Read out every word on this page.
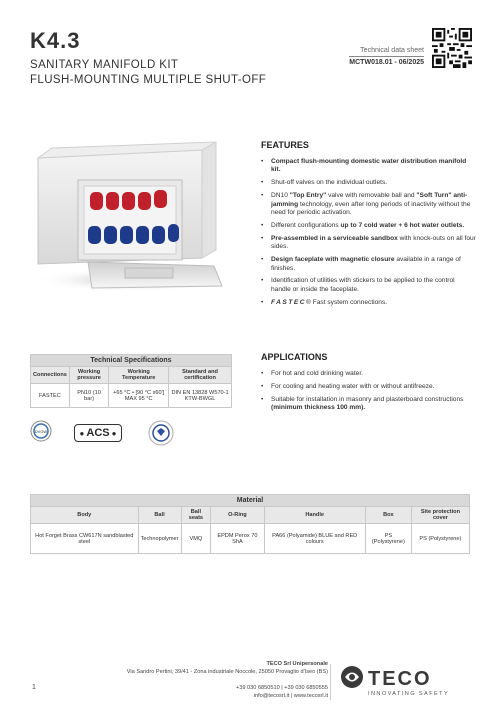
K4.3
SANITARY MANIFOLD KIT
FLUSH-MOUNTING MULTIPLE SHUT-OFF
Technical data sheet
MCTW018.01 - 06/2025
FEATURES
• Compact flush-mounting domestic water distribution manifold kit.
• Shut-off valves on the individual outlets.
• DN10 "Top Entry" valve with removable ball and "Soft Turn" anti-jamming technology, even after long periods of inactivity without the need for periodic activation.
• Different configurations up to 7 cold water + 6 hot water outlets.
• Pre-assembled in a serviceable sandbox with knock-outs on all four sides.
• Design faceplate with magnetic closure available in a range of finishes.
• Identification of utilities with stickers to be applied to the control handle or inside the faceplate.
• FASTEC® Fast system connections.
Technical Specifications			
Connections	Working pressure	Working Temperature	Standard and certification
FASTEC	PN10 (10 bar)	+65 °C • [90 °C x60'] MAX 95 °C	DIN EN 13828 W570-1 KTW-BWGL
APPLICATIONS
• For hot and cold drinking water.
• For cooling and heating water with or without antifreeze.
• Suitable for installation in masonry and plasterboard constructions (minimum thickness 100 mm).
DVGW	● ACS ●
Material						
Body	Ball	Ball seats	O-Ring	Handle	Box	Site protection cover
Hot Forget Brass CW617N sandblasted steel	Technopolymer	VMQ	EPDM Perox 70 ShA	PA66 (Polyamide) BLUE and RED colours	PS (Polystyrene)	PS (Polystyrene)
1
TECO Srl Unipersonale
Via Sandro Pertini, 39/41 - Zona industriale Noccole, 25050 Provaglio d'Iseo (BS)
+39 030 6850510 | +39 030 6850555
info@tecosrl.it | www.tecosrl.it
TECO
INNOVATING SAFETY
